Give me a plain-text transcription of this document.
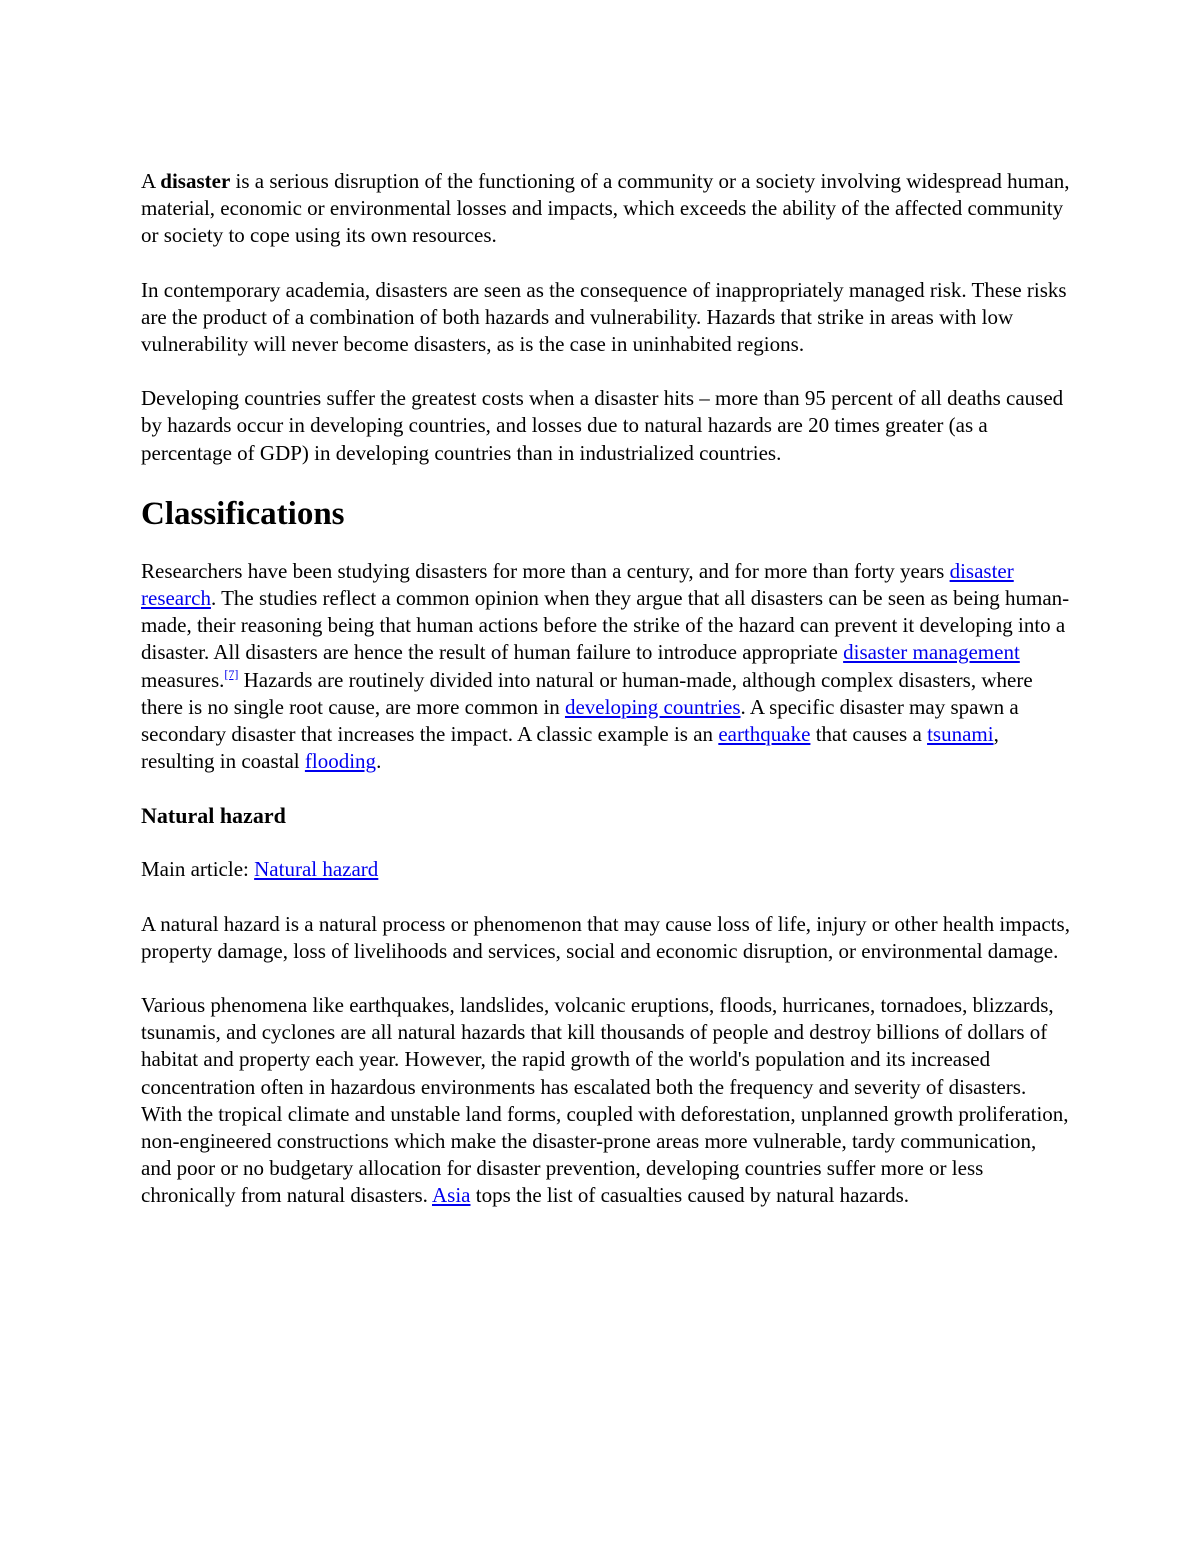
A disaster is a serious disruption of the functioning of a community or a society involving widespread human, material, economic or environmental losses and impacts, which exceeds the ability of the affected community or society to cope using its own resources.

In contemporary academia, disasters are seen as the consequence of inappropriately managed risk. These risks are the product of a combination of both hazards and vulnerability. Hazards that strike in areas with low vulnerability will never become disasters, as is the case in uninhabited regions.

Developing countries suffer the greatest costs when a disaster hits – more than 95 percent of all deaths caused by hazards occur in developing countries, and losses due to natural hazards are 20 times greater (as a percentage of GDP) in developing countries than in industrialized countries.

Classifications

Researchers have been studying disasters for more than a century, and for more than forty years disaster research. The studies reflect a common opinion when they argue that all disasters can be seen as being human-made, their reasoning being that human actions before the strike of the hazard can prevent it developing into a disaster. All disasters are hence the result of human failure to introduce appropriate disaster management measures.[7] Hazards are routinely divided into natural or human-made, although complex disasters, where there is no single root cause, are more common in developing countries. A specific disaster may spawn a secondary disaster that increases the impact. A classic example is an earthquake that causes a tsunami, resulting in coastal flooding.

Natural hazard

Main article: Natural hazard

A natural hazard is a natural process or phenomenon that may cause loss of life, injury or other health impacts, property damage, loss of livelihoods and services, social and economic disruption, or environmental damage.

Various phenomena like earthquakes, landslides, volcanic eruptions, floods, hurricanes, tornadoes, blizzards, tsunamis, and cyclones are all natural hazards that kill thousands of people and destroy billions of dollars of habitat and property each year. However, the rapid growth of the world's population and its increased concentration often in hazardous environments has escalated both the frequency and severity of disasters. With the tropical climate and unstable land forms, coupled with deforestation, unplanned growth proliferation, non-engineered constructions which make the disaster-prone areas more vulnerable, tardy communication, and poor or no budgetary allocation for disaster prevention, developing countries suffer more or less chronically from natural disasters. Asia tops the list of casualties caused by natural hazards.
